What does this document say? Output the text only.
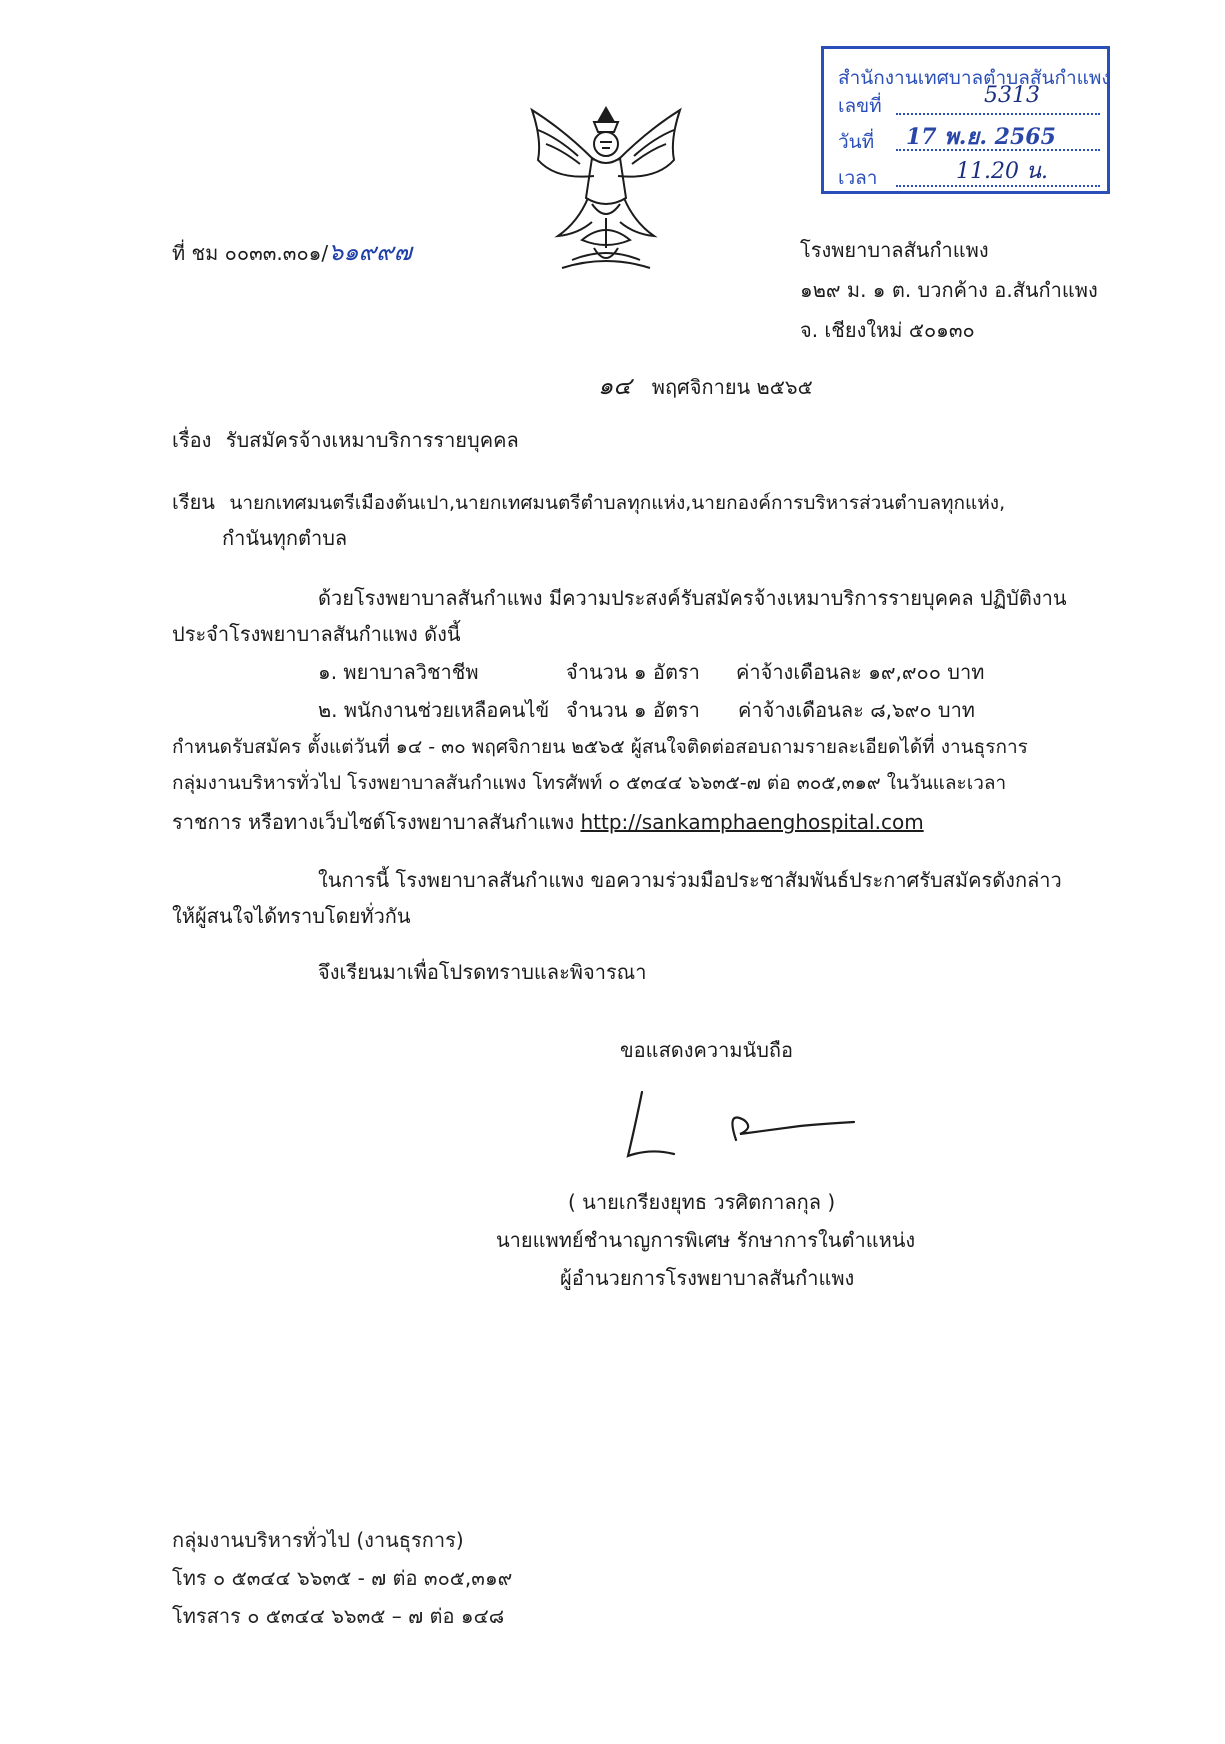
สำนักงานเทศบาลตำบลสันกำแพง
เลขที่	5313
วันที่	17 พ.ย. 2565
เวลา	11.20 น.
ที่ ชม ๐๐๓๓.๓๐๑/๖๑๙๙๗	โรงพยาบาลสันกำแพง
๑๒๙ ม. ๑ ต. บวกค้าง อ.สันกำแพง
จ. เชียงใหม่ ๕๐๑๓๐
๑๔ พฤศจิกายน ๒๕๖๕
เรื่อง รับสมัครจ้างเหมาบริการรายบุคคล
เรียน นายกเทศมนตรีเมืองต้นเปา,นายกเทศมนตรีตำบลทุกแห่ง,นายกองค์การบริหารส่วนตำบลทุกแห่ง,
กำนันทุกตำบล
ด้วยโรงพยาบาลสันกำแพง มีความประสงค์รับสมัครจ้างเหมาบริการรายบุคคล ปฏิบัติงาน
ประจำโรงพยาบาลสันกำแพง ดังนี้
๑. พยาบาลวิชาชีพ	จำนวน ๑ อัตรา ค่าจ้างเดือนละ ๑๙,๙๐๐ บาท
๒. พนักงานช่วยเหลือคนไข้ จำนวน ๑ อัตรา ค่าจ้างเดือนละ ๘,๖๙๐ บาท
กำหนดรับสมัคร ตั้งแต่วันที่ ๑๔ - ๓๐ พฤศจิกายน ๒๕๖๕ ผู้สนใจติดต่อสอบถามรายละเอียดได้ที่ งานธุรการ
กลุ่มงานบริหารทั่วไป โรงพยาบาลสันกำแพง โทรศัพท์ ๐ ๕๓๔๔ ๖๖๓๕-๗ ต่อ ๓๐๕,๓๑๙ ในวันและเวลา
ราชการ หรือทางเว็บไซต์โรงพยาบาลสันกำแพง http://sankamphaenghospital.com
ในการนี้ โรงพยาบาลสันกำแพง ขอความร่วมมือประชาสัมพันธ์ประกาศรับสมัครดังกล่าว
ให้ผู้สนใจได้ทราบโดยทั่วกัน
จึงเรียนมาเพื่อโปรดทราบและพิจารณา
ขอแสดงความนับถือ
( นายเกรียงยุทธ วรศิตกาลกุล )
นายแพทย์ชำนาญการพิเศษ รักษาการในตำแหน่ง
ผู้อำนวยการโรงพยาบาลสันกำแพง
กลุ่มงานบริหารทั่วไป (งานธุรการ)
โทร ๐ ๕๓๔๔ ๖๖๓๕ - ๗ ต่อ ๓๐๕,๓๑๙
โทรสาร ๐ ๕๓๔๔ ๖๖๓๕ – ๗ ต่อ ๑๔๘
